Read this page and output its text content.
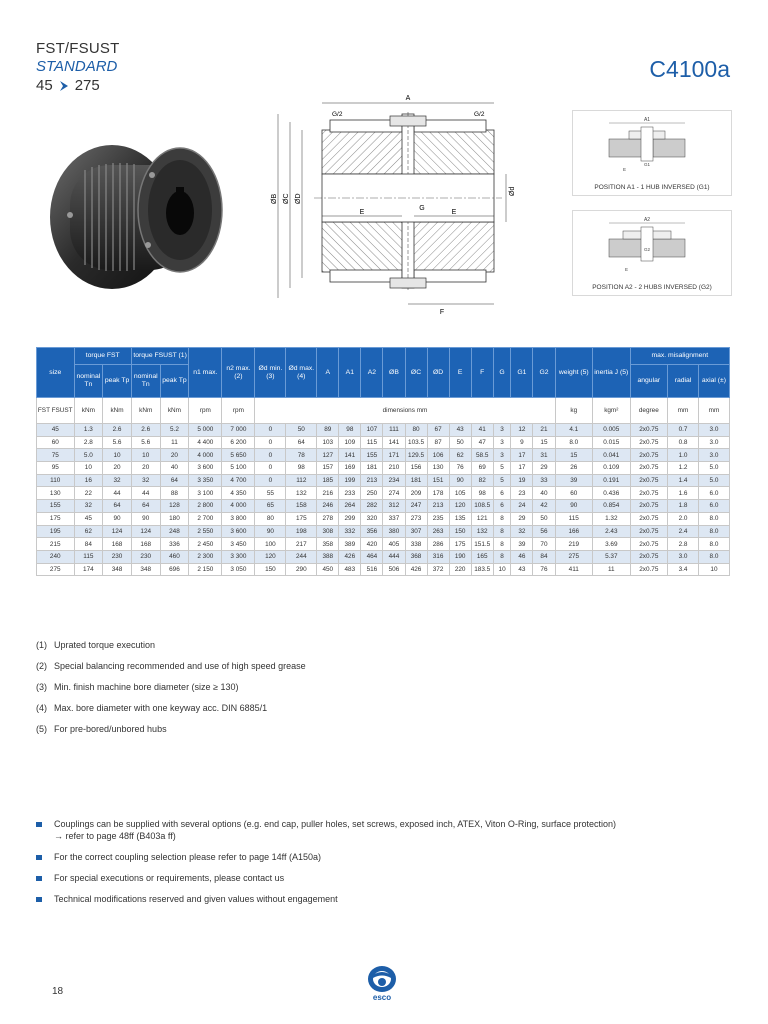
FST/FSUST
STANDARD
45 275
C4100a
A
G/2	G/2
E	E
G
ØB ØC ØD
Ød
F
A1
G1
E
POSITION A1 - 1 HUB INVERSED (G1)
A2
G2
E
POSITION A2 - 2 HUBS INVERSED (G2)
size	torque FST		torque FSUST (1)		n1 max.	n2 max. (2)	Ød min. (3)	Ød max. (4)	A	A1	A2	ØB	ØC	ØD	E	F	G	G1	G2	weight (5)	inertia J (5)	max. misalignment		
	nominal Tn	peak Tp	nominal Tn	peak Tp																		angular	radial	axial (±)
FST FSUST	kNm	kNm	kNm	kNm	rpm	rpm	dimensions mm													kg	kgm²	degree	mm	mm
45	1.3	2.6	2.6	5.2	5 000	7 000	0	50	89	98	107	111	80	67	43	41	3	12	21	4.1	0.005	2x0.75	0.7	3.0
60	2.8	5.6	5.6	11	4 400	6 200	0	64	103	109	115	141	103.5	87	50	47	3	9	15	8.0	0.015	2x0.75	0.8	3.0
75	5.0	10	10	20	4 000	5 650	0	78	127	141	155	171	129.5	106	62	58.5	3	17	31	15	0.041	2x0.75	1.0	3.0
95	10	20	20	40	3 600	5 100	0	98	157	169	181	210	156	130	76	69	5	17	29	26	0.109	2x0.75	1.2	5.0
110	16	32	32	64	3 350	4 700	0	112	185	199	213	234	181	151	90	82	5	19	33	39	0.191	2x0.75	1.4	5.0
130	22	44	44	88	3 100	4 350	55	132	216	233	250	274	209	178	105	98	6	23	40	60	0.436	2x0.75	1.6	6.0
155	32	64	64	128	2 800	4 000	65	158	246	264	282	312	247	213	120	108.5	6	24	42	90	0.854	2x0.75	1.8	6.0
175	45	90	90	180	2 700	3 800	80	175	278	299	320	337	273	235	135	121	8	29	50	115	1.32	2x0.75	2.0	8.0
195	62	124	124	248	2 550	3 600	90	198	308	332	356	380	307	263	150	132	8	32	56	166	2.43	2x0.75	2.4	8.0
215	84	168	168	336	2 450	3 450	100	217	358	389	420	405	338	286	175	151.5	8	39	70	219	3.69	2x0.75	2.8	8.0
240	115	230	230	460	2 300	3 300	120	244	388	426	464	444	368	316	190	165	8	46	84	275	5.37	2x0.75	3.0	8.0
275	174	348	348	696	2 150	3 050	150	290	450	483	516	506	426	372	220	183.5	10	43	76	411	11	2x0.75	3.4	10
(1) Uprated torque execution
(2) Special balancing recommended and use of high speed grease
(3) Min. finish machine bore diameter (size ≥ 130)
(4) Max. bore diameter with one keyway acc. DIN 6885/1
(5) For pre-bored/unbored hubs
Couplings can be supplied with several options (e.g. end cap, puller holes, set screws, exposed inch, ATEX, Viton O-Ring, surface protection)
→ refer to page 48ff (B403a ff)
For the correct coupling selection please refer to page 14ff (A150a)
For special executions or requirements, please contact us
Technical modifications reserved and given values without engagement
18
esco
